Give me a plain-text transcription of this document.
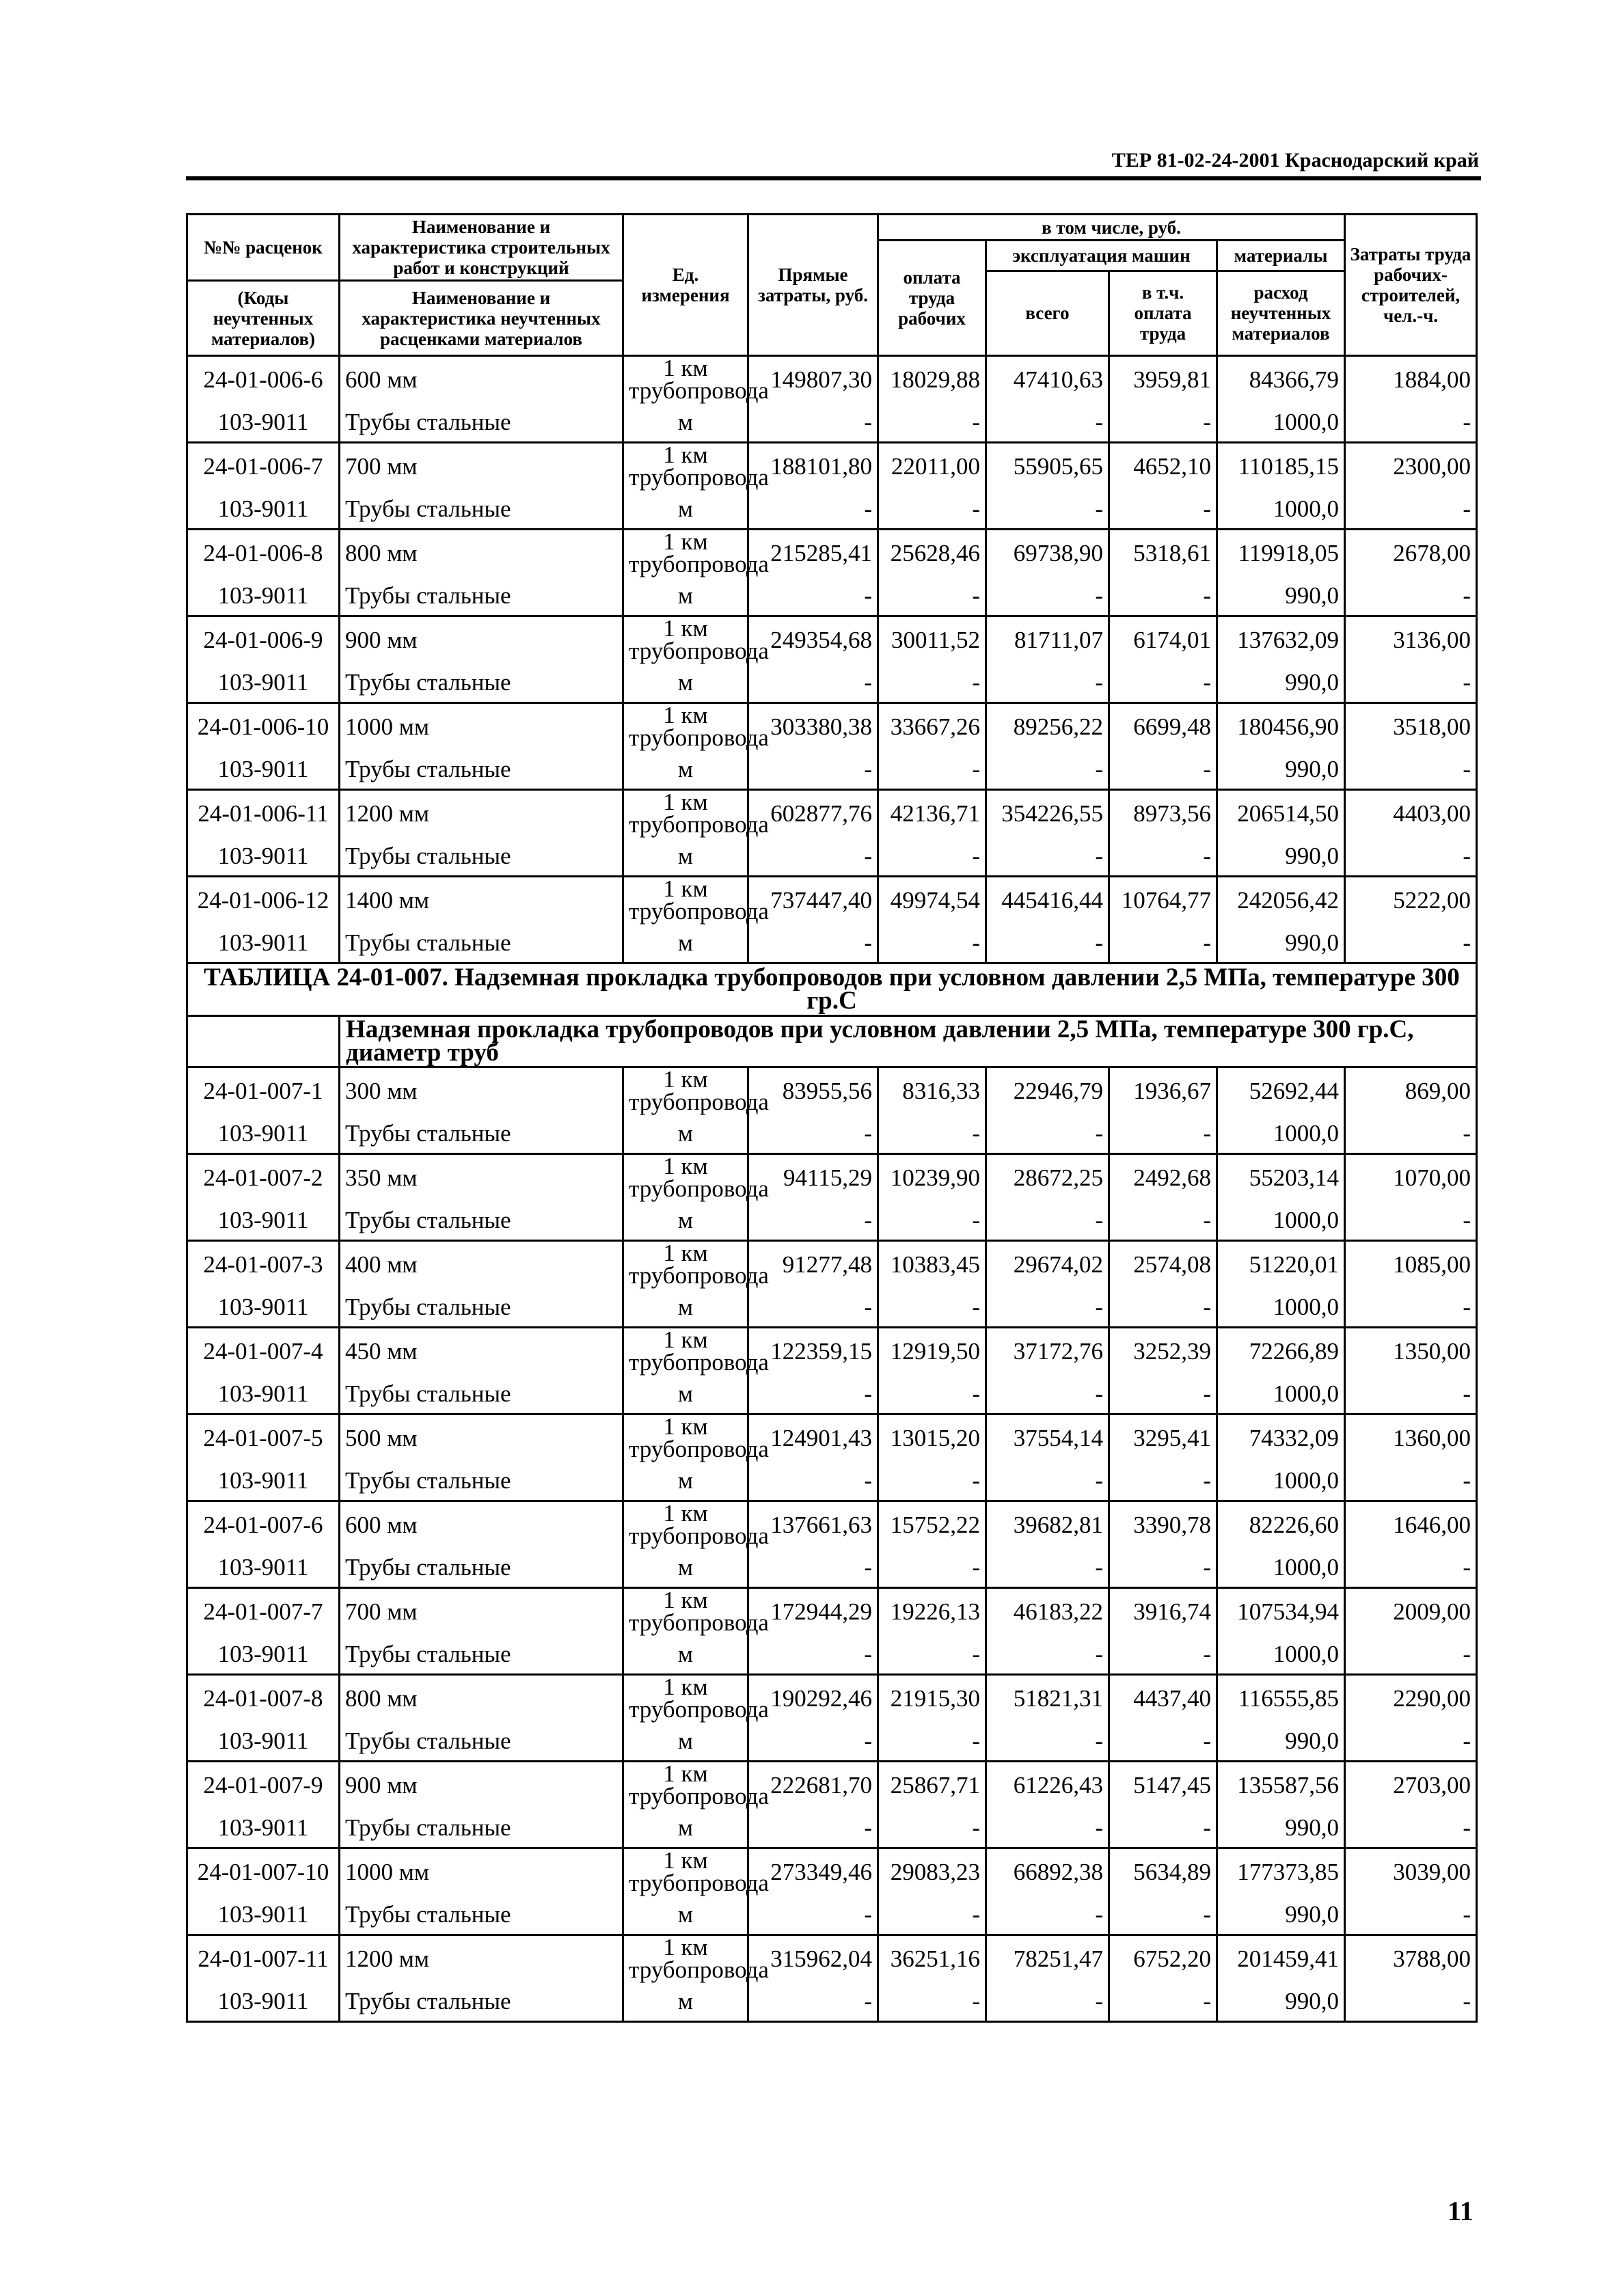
ТЕР 81-02-24-2001 Краснодарский край
№№ расценок	Наименование и характеристика строительных работ и конструкций	Ед. измерения	Прямые затраты, руб.	в том числе, руб.				Затраты труда рабочих-строителей, чел.-ч.
				оплата труда рабочих	эксплуатация машин		материалы	
					всего	в т.ч. оплата труда	расход неучтенных материалов	
(Коды неучтенных материалов)	Наименование и характеристика неучтенных расценками материалов							

24-01-006-6	600 мм	1 км трубопровода	149807,30	18029,88	47410,63	3959,81	84366,79	1884,00
103-9011	Трубы стальные	м	-	-	-	-	1000,0	-
24-01-006-7	700 мм	1 км трубопровода	188101,80	22011,00	55905,65	4652,10	110185,15	2300,00
103-9011	Трубы стальные	м	-	-	-	-	1000,0	-
24-01-006-8	800 мм	1 км трубопровода	215285,41	25628,46	69738,90	5318,61	119918,05	2678,00
103-9011	Трубы стальные	м	-	-	-	-	990,0	-
24-01-006-9	900 мм	1 км трубопровода	249354,68	30011,52	81711,07	6174,01	137632,09	3136,00
103-9011	Трубы стальные	м	-	-	-	-	990,0	-
24-01-006-10	1000 мм	1 км трубопровода	303380,38	33667,26	89256,22	6699,48	180456,90	3518,00
103-9011	Трубы стальные	м	-	-	-	-	990,0	-
24-01-006-11	1200 мм	1 км трубопровода	602877,76	42136,71	354226,55	8973,56	206514,50	4403,00
103-9011	Трубы стальные	м	-	-	-	-	990,0	-
24-01-006-12	1400 мм	1 км трубопровода	737447,40	49974,54	445416,44	10764,77	242056,42	5222,00
103-9011	Трубы стальные	м	-	-	-	-	990,0	-
ТАБЛИЦА 24-01-007. Надземная прокладка трубопроводов при условном давлении 2,5 МПа, температуре 300 гр.С								
	Надземная прокладка трубопроводов при условном давлении 2,5 МПа, температуре 300 гр.С, диаметр труб							
24-01-007-1	300 мм	1 км трубопровода	83955,56	8316,33	22946,79	1936,67	52692,44	869,00
103-9011	Трубы стальные	м	-	-	-	-	1000,0	-
24-01-007-2	350 мм	1 км трубопровода	94115,29	10239,90	28672,25	2492,68	55203,14	1070,00
103-9011	Трубы стальные	м	-	-	-	-	1000,0	-
24-01-007-3	400 мм	1 км трубопровода	91277,48	10383,45	29674,02	2574,08	51220,01	1085,00
103-9011	Трубы стальные	м	-	-	-	-	1000,0	-
24-01-007-4	450 мм	1 км трубопровода	122359,15	12919,50	37172,76	3252,39	72266,89	1350,00
103-9011	Трубы стальные	м	-	-	-	-	1000,0	-
24-01-007-5	500 мм	1 км трубопровода	124901,43	13015,20	37554,14	3295,41	74332,09	1360,00
103-9011	Трубы стальные	м	-	-	-	-	1000,0	-
24-01-007-6	600 мм	1 км трубопровода	137661,63	15752,22	39682,81	3390,78	82226,60	1646,00
103-9011	Трубы стальные	м	-	-	-	-	1000,0	-
24-01-007-7	700 мм	1 км трубопровода	172944,29	19226,13	46183,22	3916,74	107534,94	2009,00
103-9011	Трубы стальные	м	-	-	-	-	1000,0	-
24-01-007-8	800 мм	1 км трубопровода	190292,46	21915,30	51821,31	4437,40	116555,85	2290,00
103-9011	Трубы стальные	м	-	-	-	-	990,0	-
24-01-007-9	900 мм	1 км трубопровода	222681,70	25867,71	61226,43	5147,45	135587,56	2703,00
103-9011	Трубы стальные	м	-	-	-	-	990,0	-
24-01-007-10	1000 мм	1 км трубопровода	273349,46	29083,23	66892,38	5634,89	177373,85	3039,00
103-9011	Трубы стальные	м	-	-	-	-	990,0	-
24-01-007-11	1200 мм	1 км трубопровода	315962,04	36251,16	78251,47	6752,20	201459,41	3788,00
103-9011	Трубы стальные	м	-	-	-	-	990,0	-
11
